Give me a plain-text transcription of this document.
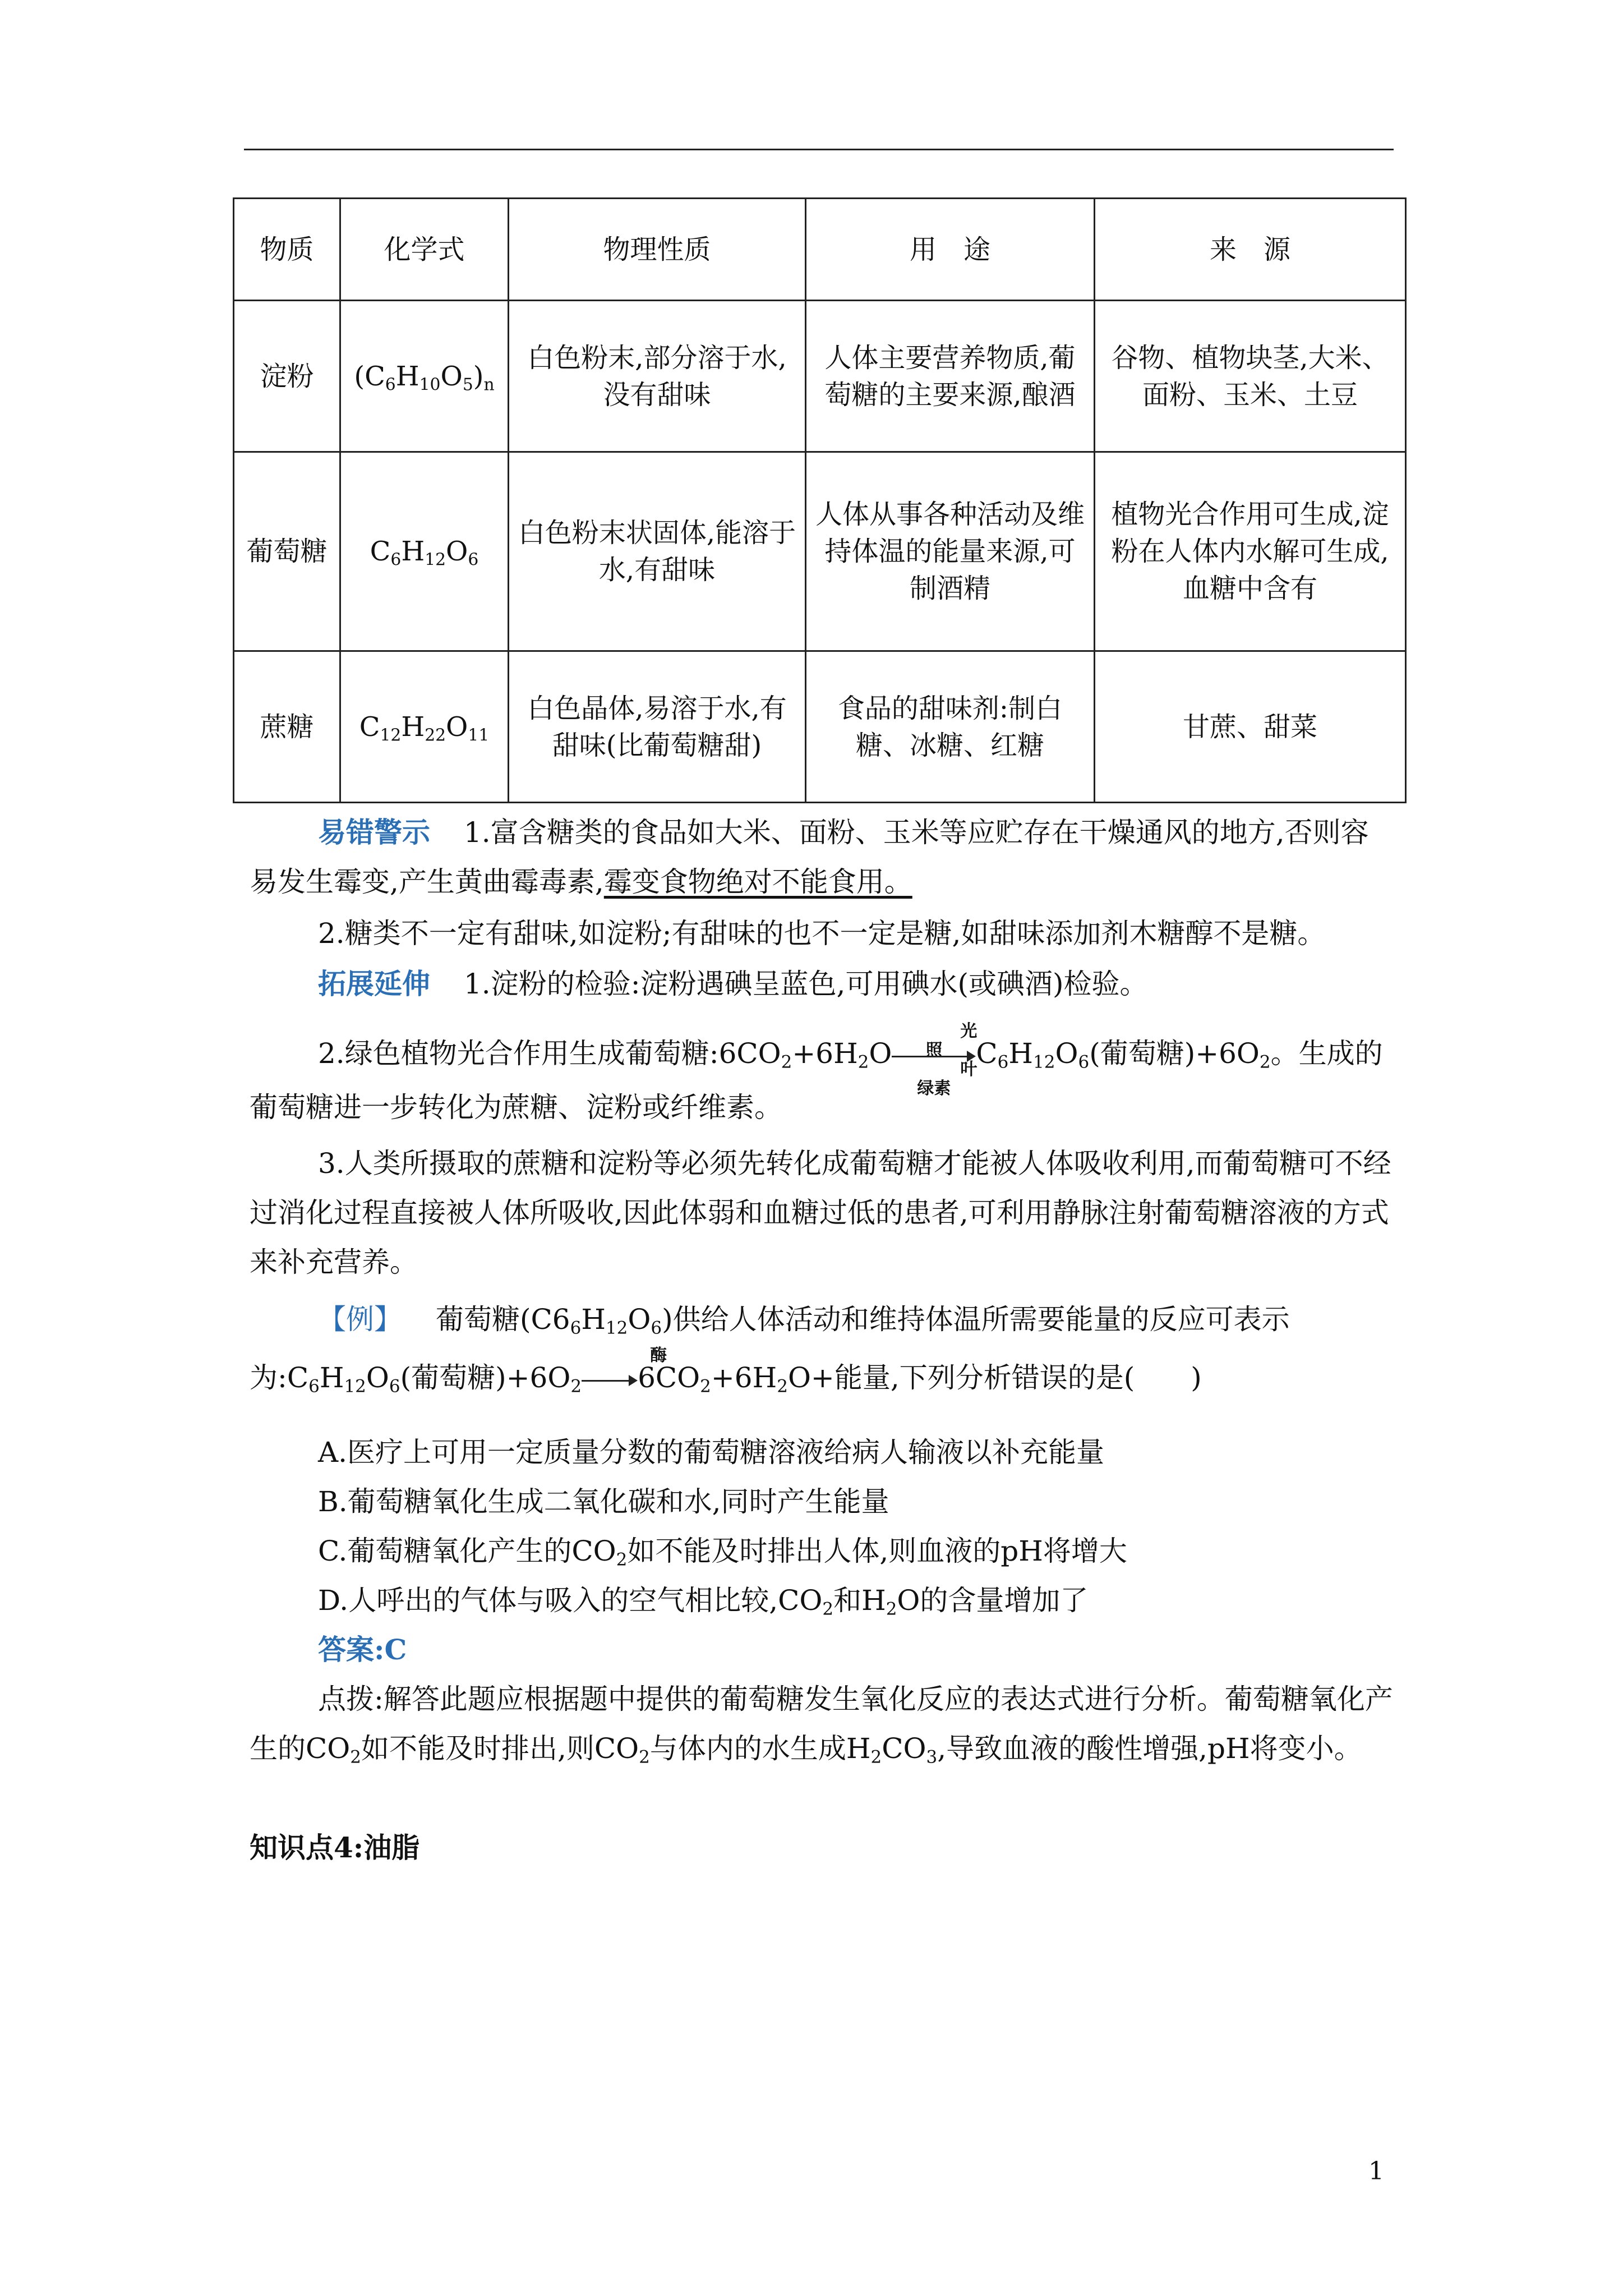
物质	化学式	物理性质	用　途	来　源
淀粉	$(C_6H_{10}O_5)_n$	白色粉末,部分溶于水,没有甜味	人体主要营养物质,葡萄糖的主要来源,酿酒	谷物、植物块茎,大米、面粉、玉米、土豆
葡萄糖	$C_6H_{12}O_6$	白色粉末状固体,能溶于水,有甜味	人体从事各种活动及维持体温的能量来源,可制酒精	植物光合作用可生成,淀粉在人体内水解可生成,血糖中含有
蔗糖	$C_{12}H_{22}O_{11}$	白色晶体,易溶于水,有甜味(比葡萄糖甜)	食品的甜味剂:制白糖、冰糖、红糖	甘蔗、甜菜
易错警示 1.富含糖类的食品如大米、面粉、玉米等应贮存在干燥通风的地方,否则容易发生霉变,产生黄曲霉毒素,霉变食物绝对不能食用。
2.糖类不一定有甜味,如淀粉;有甜味的也不一定是糖,如甜味添加剂木糖醇不是糖。
拓展延伸 1.淀粉的检验:淀粉遇碘呈蓝色,可用碘水(或碘酒)检验。
2.绿色植物光合作用生成葡萄糖$:6CO_2+6H_2O$
光照
叶绿素
$C_6H_{12}O_6$(葡萄糖)$+6O_2$。生成的葡萄糖进一步转化为蔗糖、淀粉或纤维素。
3.人类所摄取的蔗糖和淀粉等必须先转化成葡萄糖才能被人体吸收利用,而葡萄糖可不经过消化过程直接被人体所吸收,因此体弱和血糖过低的患者,可利用静脉注射葡萄糖溶液的方式来补充营养。
【例】 葡萄糖$(C6_6H_{12}O_6)$供给人体活动和维持体温所需要能量的反应可表示为$:C_6H_{12}O_6$(葡萄糖)$+6O_2$
酶
$6CO_2+6H_2O+$能量,下列分析错误的是(　　)
A.医疗上可用一定质量分数的葡萄糖溶液给病人输液以补充能量
B.葡萄糖氧化生成二氧化碳和水,同时产生能量
C.葡萄糖氧化产生的$CO_2$如不能及时排出人体,则血液的pH将增大
D.人呼出的气体与吸入的空气相比较$,CO_2$和$H_2O$的含量增加了
答案:C
点拨:解答此题应根据题中提供的葡萄糖发生氧化反应的表达式进行分析。葡萄糖氧化产生的$CO_2$如不能及时排出,则$CO_2$与体内的水生成$H_2CO_3$,导致血液的酸性增强,pH将变小。
知识点4:油脂
1
